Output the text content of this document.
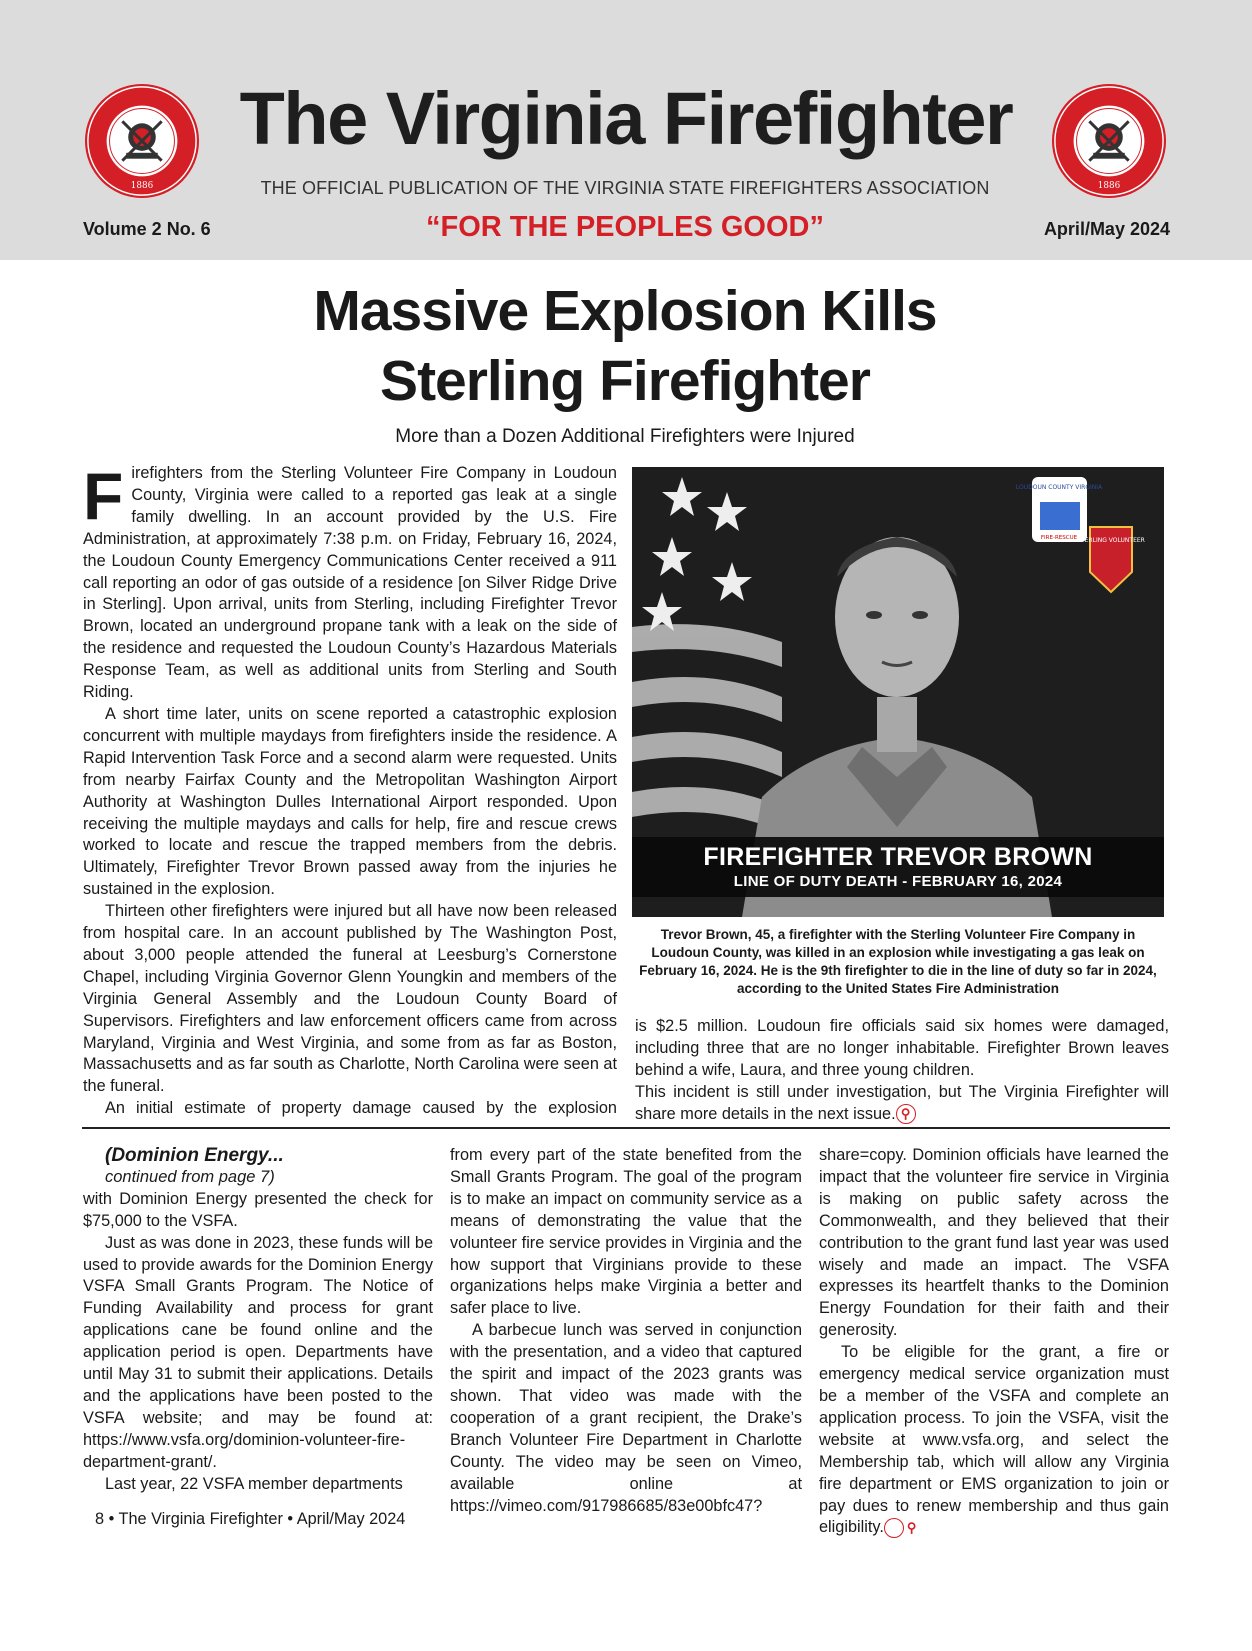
1886	1886
The Virginia Firefighter
THE OFFICIAL PUBLICATION OF THE VIRGINIA STATE FIREFIGHTERS ASSOCIATION
Volume 2 No. 6	“FOR THE PEOPLES GOOD”	April/May 2024
Massive Explosion Kills
Sterling Firefighter
More than a Dozen Additional Firefighters were Injured

Firefighters from the Sterling Volunteer Fire Company in Loudoun County, Virginia were called to a reported gas leak at a single family dwelling. In an account provided by the U.S. Fire Administration, at approximately 7:38 p.m. on Friday, February 16, 2024, the Loudoun County Emergency Communications Center received a 911 call reporting an odor of gas outside of a residence [on Silver Ridge Drive in Sterling]. Upon arrival, units from Sterling, including Firefighter Trevor Brown, located an underground propane tank with a leak on the side of the residence and requested the Loudoun County’s Hazardous Materials Response Team, as well as additional units from Sterling and South Riding.

A short time later, units on scene reported a catastrophic explosion concurrent with multiple maydays from firefighters inside the residence. A Rapid Intervention Task Force and a second alarm were requested. Units from nearby Fairfax County and the Metropolitan Washington Airport Authority at Washington Dulles International Airport responded. Upon receiving the multiple maydays and calls for help, fire and rescue crews worked to locate and rescue the trapped members from the debris. Ultimately, Firefighter Trevor Brown passed away from the injuries he sustained in the explosion.

Thirteen other firefighters were injured but all have now been released from hospital care. In an account published by The Washington Post, about 3,000 people attended the funeral at Leesburg’s Cornerstone Chapel, including Virginia Governor Glenn Youngkin and members of the Virginia General Assembly and the Loudoun County Board of Supervisors. Firefighters and law enforcement officers came from across Maryland, Virginia and West Virginia, and some from as far as Boston, Massachusetts and as far south as Charlotte, North Carolina were seen at the funeral.

An initial estimate of property damage caused by the explosion

LOUDOUN COUNTY VIRGINIA
FIRE-RESCUE STERLING VOLUNTEER
FIREFIGHTER TREVOR BROWN
LINE OF DUTY DEATH - FEBRUARY 16, 2024
Trevor Brown, 45, a firefighter with the Sterling Volunteer Fire Company in Loudoun County, was killed in an explosion while investigating a gas leak on February 16, 2024. He is the 9th firefighter to die in the line of duty so far in 2024, according to the United States Fire Administration

is $2.5 million. Loudoun fire officials said six homes were damaged, including three that are no longer inhabitable. Firefighter Brown leaves behind a wife, Laura, and three young children.

This incident is still under investigation, but The Virginia Firefighter will share more details in the next issue. ⚲

(Dominion Energy...

continued from page 7)

with Dominion Energy presented the check for $75,000 to the VSFA.

Just as was done in 2023, these funds will be used to provide awards for the Dominion Energy VSFA Small Grants Program. The Notice of Funding Availability and process for grant applications cane be found online and the application period is open. Departments have until May 31 to submit their applications. Details and the applications have been posted to the VSFA website; and may be found at: https://www.vsfa.org/dominion-volunteer-fire-department-grant/.

Last year, 22 VSFA member departments

from every part of the state benefited from the Small Grants Program. The goal of the program is to make an impact on community service as a means of demonstrating the value that the volunteer fire service provides in Virginia and the how support that Virginians provide to these organizations helps make Virginia a better and safer place to live.

A barbecue lunch was served in conjunction with the presentation, and a video that captured the spirit and impact of the 2023 grants was shown. That video was made with the cooperation of a grant recipient, the Drake’s Branch Volunteer Fire Department in Charlotte County. The video may be seen on Vimeo, available online at https://vimeo.com/917986685/83e00bfc47?

share=copy. Dominion officials have learned the impact that the volunteer fire service in Virginia is making on public safety across the Commonwealth, and they believed that their contribution to the grant fund last year was used wisely and made an impact. The VSFA expresses its heartfelt thanks to the Dominion Energy Foundation for their faith and their generosity.

To be eligible for the grant, a fire or emergency medical service organization must be a member of the VSFA and complete an application process. To join the VSFA, visit the website at www.vsfa.org, and select the Membership tab, which will allow any Virginia fire department or EMS organization to join or pay dues to renew membership and thus gain eligibility. ⚲

8 • The Virginia Firefighter • April/May 2024
